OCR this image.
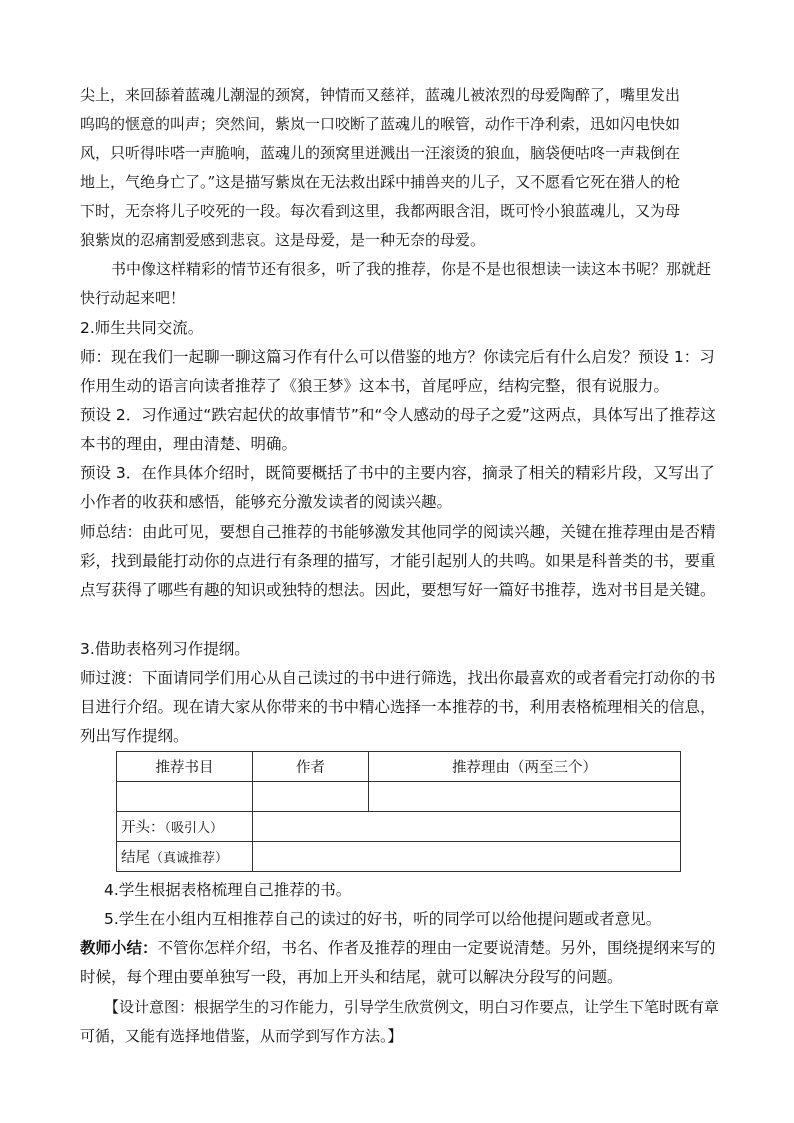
尖上，来回舔着蓝魂儿潮湿的颈窝，钟情而又慈祥，蓝魂儿被浓烈的母爱陶醉了，嘴里发出
呜呜的惬意的叫声；突然间，紫岚一口咬断了蓝魂儿的喉管，动作干净利索，迅如闪电快如
风，只听得咔嗒一声脆响，蓝魂儿的颈窝里迸溅出一汪滚烫的狼血，脑袋便咕咚一声栽倒在
地上，气绝身亡了。”这是描写紫岚在无法救出踩中捕兽夹的儿子，又不愿看它死在猎人的枪
下时，无奈将儿子咬死的一段。每次看到这里，我都两眼含泪，既可怜小狼蓝魂儿，又为母
狼紫岚的忍痛割爱感到悲哀。这是母爱，是一种无奈的母爱。

书中像这样精彩的情节还有很多，听了我的推荐，你是不是也很想读一读这本书呢？那就赶快行动起来吧！

2.师生共同交流。

师：现在我们一起聊一聊这篇习作有什么可以借鉴的地方？你读完后有什么启发？预设 1：习作用生动的语言向读者推荐了《狼王梦》这本书，首尾呼应，结构完整，很有说服力。

预设 2．习作通过“跌宕起伏的故事情节”和“令人感动的母子之爱”这两点，具体写出了推荐这本书的理由，理由清楚、明确。

预设 3．在作具体介绍时，既简要概括了书中的主要内容，摘录了相关的精彩片段，又写出了小作者的收获和感悟，能够充分激发读者的阅读兴趣。

师总结：由此可见，要想自己推荐的书能够激发其他同学的阅读兴趣，关键在推荐理由是否精彩，找到最能打动你的点进行有条理的描写，才能引起别人的共鸣。如果是科普类的书，要重点写获得了哪些有趣的知识或独特的想法。因此，要想写好一篇好书推荐，选对书目是关键。

3.借助表格列习作提纲。

师过渡：下面请同学们用心从自己读过的书中进行筛选，找出你最喜欢的或者看完打动你的书目进行介绍。现在请大家从你带来的书中精心选择一本推荐的书，利用表格梳理相关的信息，列出写作提纲。

推荐书目	作者	推荐理由（两至三个）

开头：（吸引人）		
结尾（真诚推荐）		

4.学生根据表格梳理自己推荐的书。

5.学生在小组内互相推荐自己的读过的好书，听的同学可以给他提问题或者意见。

教师小结：不管你怎样介绍，书名、作者及推荐的理由一定要说清楚。另外，围绕提纲来写的时候，每个理由要单独写一段，再加上开头和结尾，就可以解决分段写的问题。

【设计意图：根据学生的习作能力，引导学生欣赏例文，明白习作要点，让学生下笔时既有章可循，又能有选择地借鉴，从而学到写作方法。】
